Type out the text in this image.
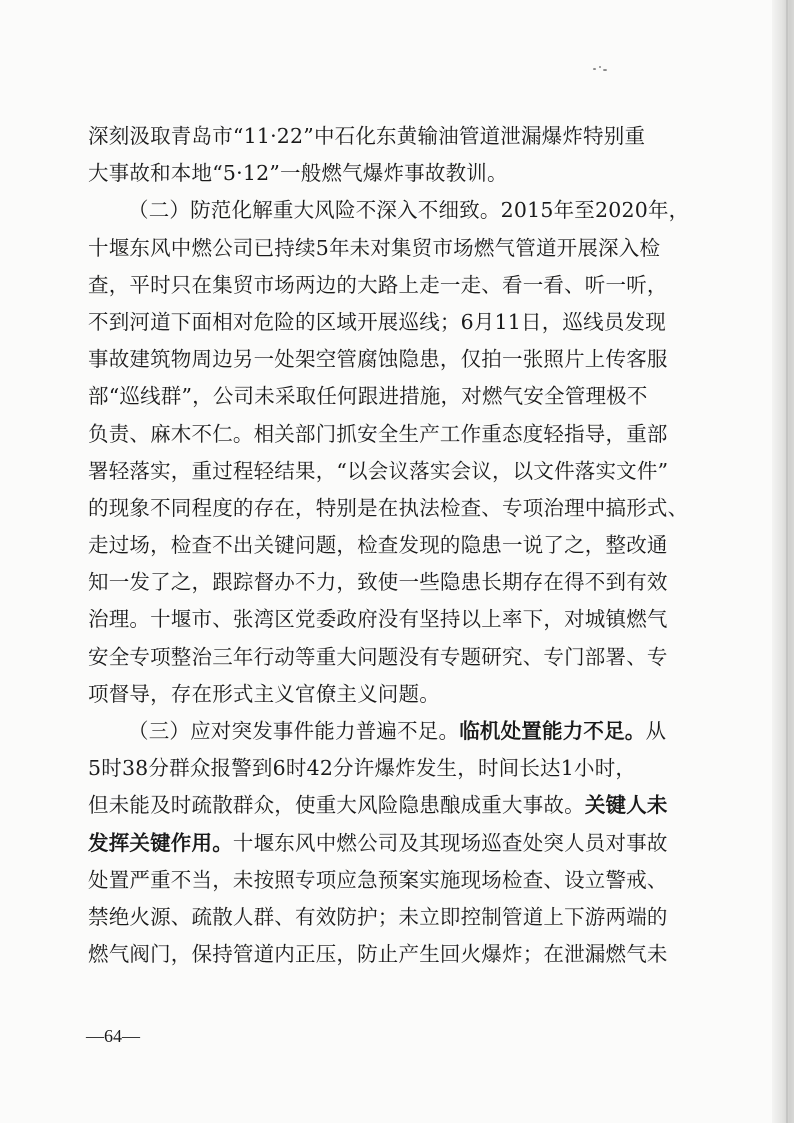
深刻汲取青岛市“11·22”中石化东黄输油管道泄漏爆炸特别重
大事故和本地“5·12”一般燃气爆炸事故教训。
（二）防范化解重大风险不深入不细致。2015年至2020年，
十堰东风中燃公司已持续5年未对集贸市场燃气管道开展深入检
查，平时只在集贸市场两边的大路上走一走、看一看、听一听，
不到河道下面相对危险的区域开展巡线；6月11日，巡线员发现
事故建筑物周边另一处架空管腐蚀隐患，仅拍一张照片上传客服
部“巡线群”，公司未采取任何跟进措施，对燃气安全管理极不
负责、麻木不仁。相关部门抓安全生产工作重态度轻指导，重部
署轻落实，重过程轻结果，“以会议落实会议，以文件落实文件”
的现象不同程度的存在，特别是在执法检查、专项治理中搞形式、
走过场，检查不出关键问题，检查发现的隐患一说了之，整改通
知一发了之，跟踪督办不力，致使一些隐患长期存在得不到有效
治理。十堰市、张湾区党委政府没有坚持以上率下，对城镇燃气
安全专项整治三年行动等重大问题没有专题研究、专门部署、专
项督导，存在形式主义官僚主义问题。
（三）应对突发事件能力普遍不足。临机处置能力不足。从
5时38分群众报警到6时42分许爆炸发生，时间长达1小时，
但未能及时疏散群众，使重大风险隐患酿成重大事故。关键人未
发挥关键作用。十堰东风中燃公司及其现场巡查处突人员对事故
处置严重不当，未按照专项应急预案实施现场检查、设立警戒、
禁绝火源、疏散人群、有效防护；未立即控制管道上下游两端的
燃气阀门，保持管道内正压，防止产生回火爆炸；在泄漏燃气未
—64—
